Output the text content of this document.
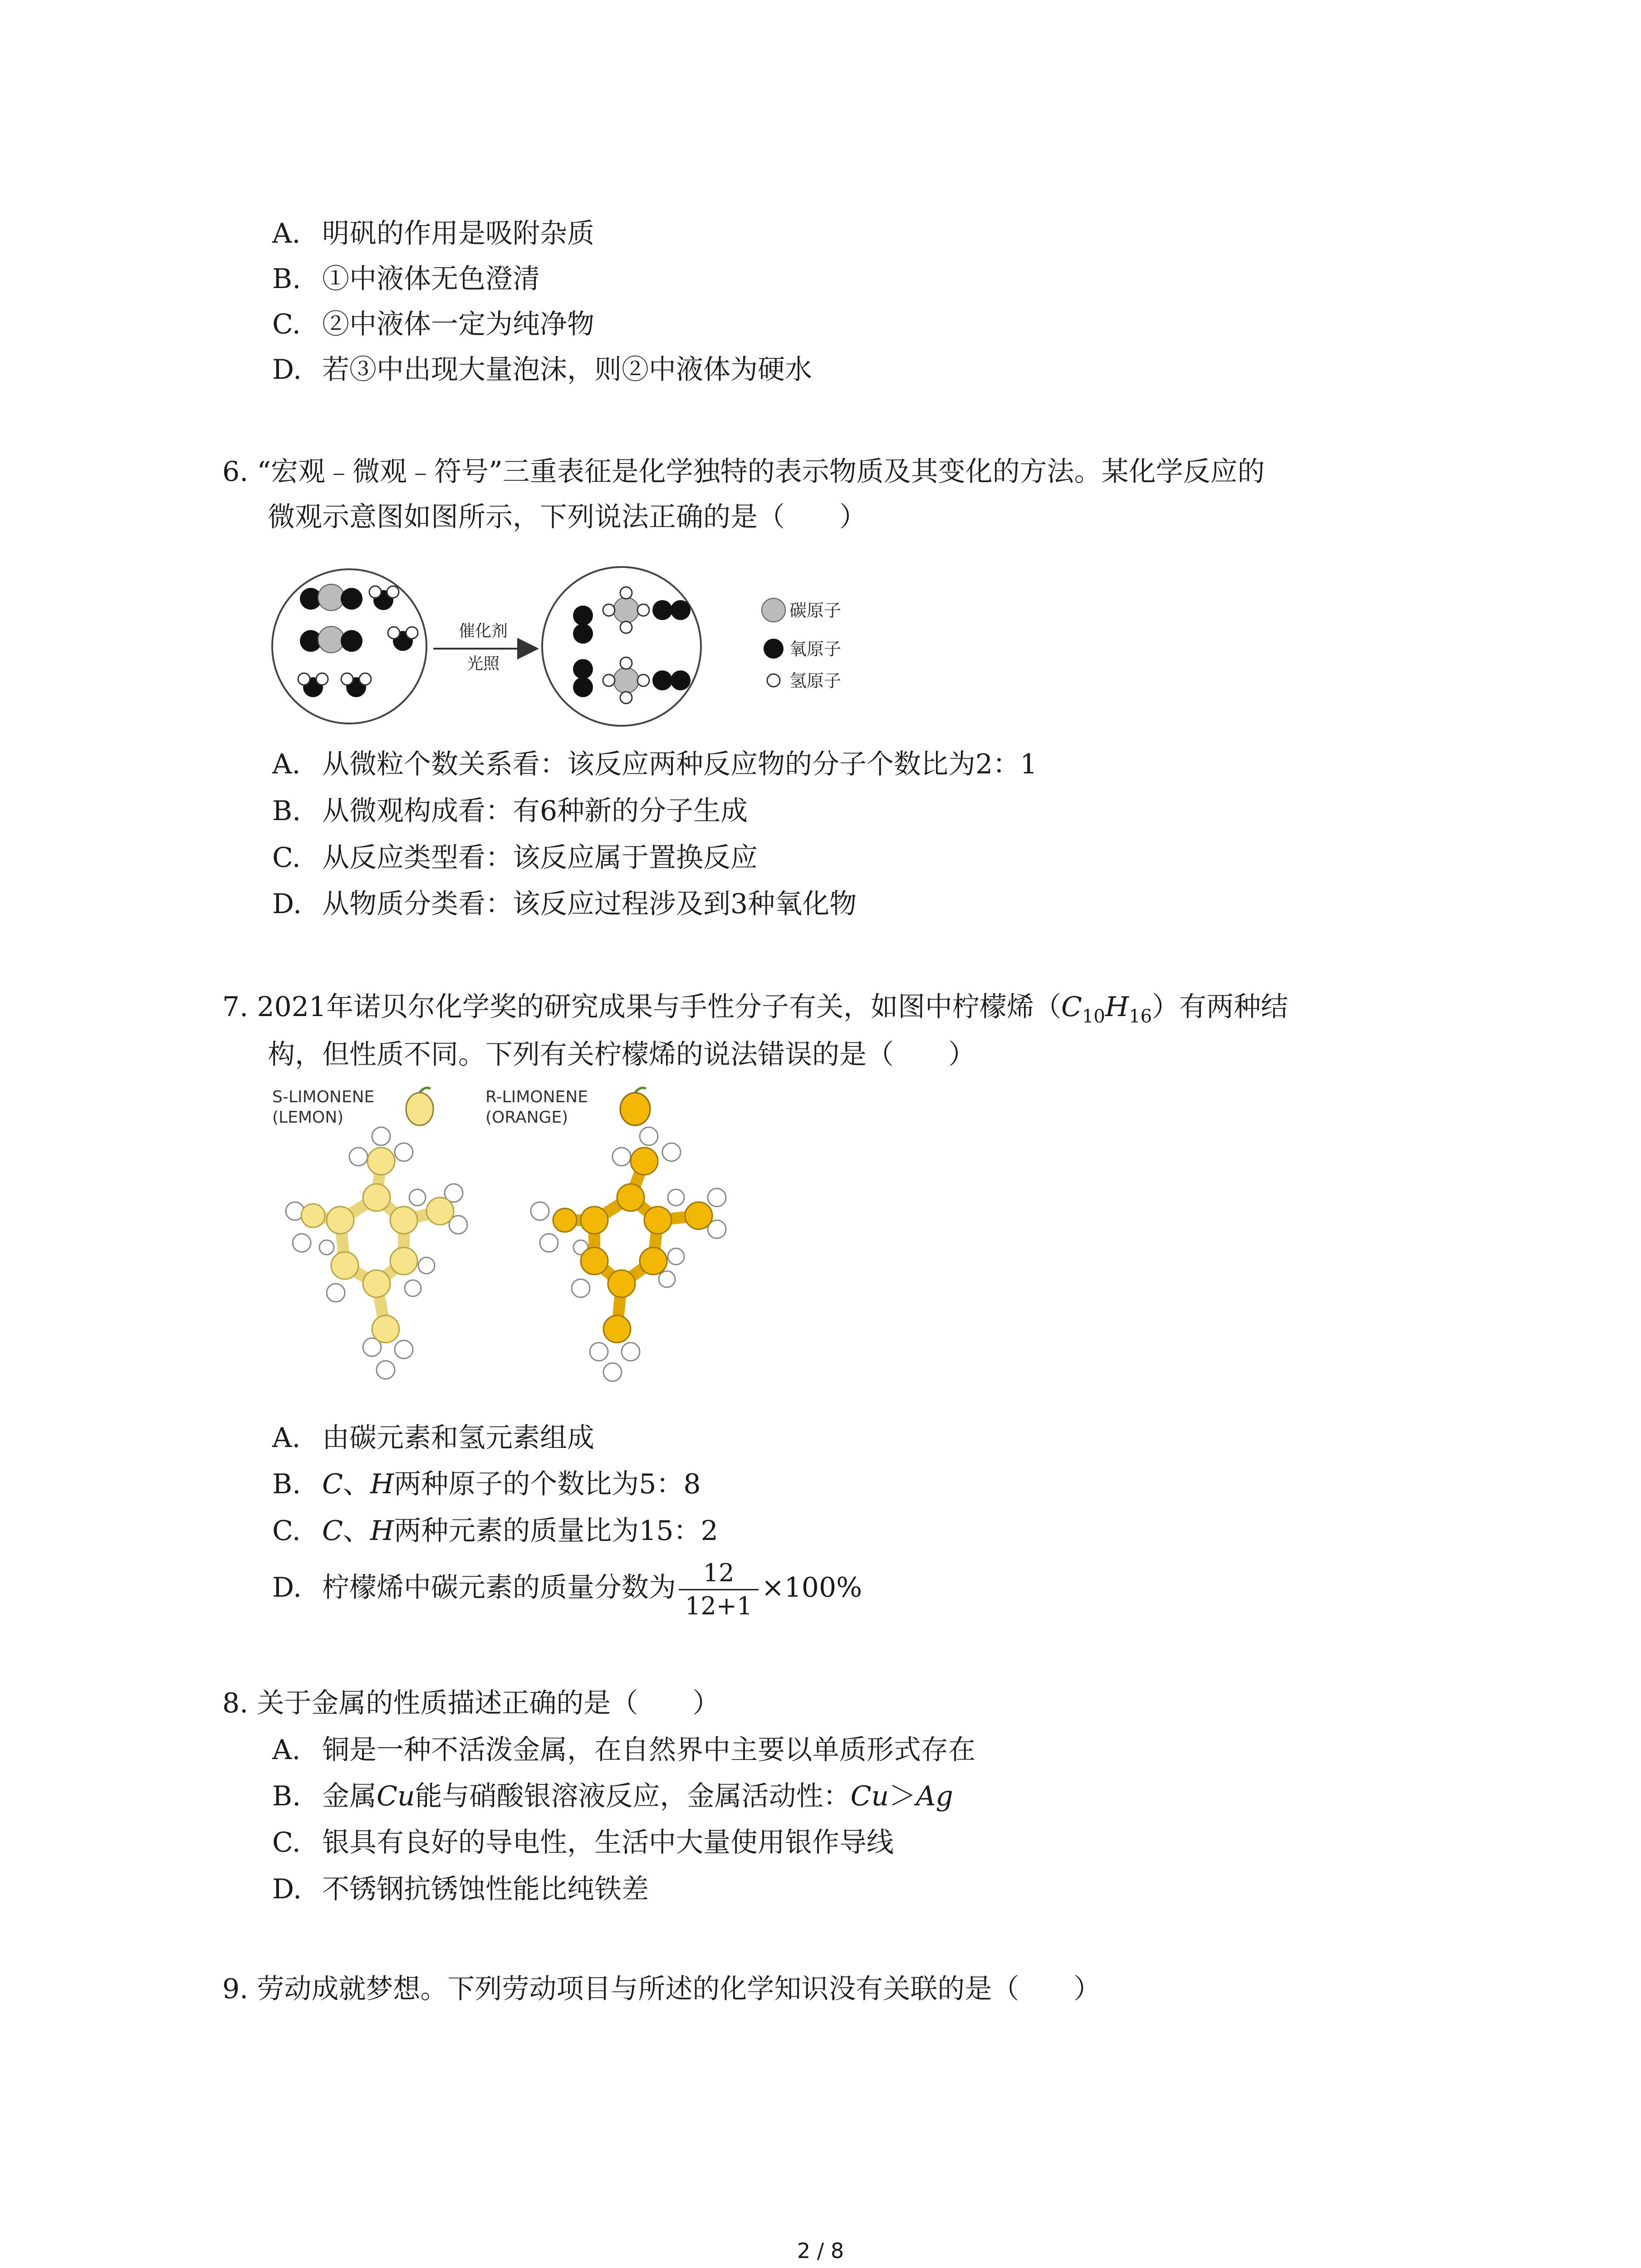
A. 明矾的作用是吸附杂质
B. ①中液体无色澄清
C. ②中液体一定为纯净物
D. 若③中出现大量泡沫，则②中液体为硬水
6. “宏观﹣微观﹣符号”三重表征是化学独特的表示物质及其变化的方法。某化学反应的
微观示意图如图所示，下列说法正确的是（　　）
催化剂
光照
碳原子
氧原子
氢原子
A. 从微粒个数关系看：该反应两种反应物的分子个数比为2：1
B. 从微观构成看：有6种新的分子生成
C. 从反应类型看：该反应属于置换反应
D. 从物质分类看：该反应过程涉及到3种氧化物
7. 2021年诺贝尔化学奖的研究成果与手性分子有关，如图中柠檬烯$(C_{10}H_{16})$有两种结
构，但性质不同。下列有关柠檬烯的说法错误的是（　　）
S-LIMONENE
(LEMON)
R-LIMONENE
(ORANGE)
A. 由碳元素和氢元素组成
B. C、H两种原子的个数比为5：8
C. C、H两种元素的质量比为15：2
D. 柠檬烯中碳元素的质量分数为 $\frac{12}{12+1} \times 100\%$
8. 关于金属的性质描述正确的是（　　）
A. 铜是一种不活泼金属，在自然界中主要以单质形式存在
B. 金属Cu能与硝酸银溶液反应，金属活动性：Cu＞Ag
C. 银具有良好的导电性，生活中大量使用银作导线
D. 不锈钢抗锈蚀性能比纯铁差
9. 劳动成就梦想。下列劳动项目与所述的化学知识没有关联的是（　　）
2 / 8
